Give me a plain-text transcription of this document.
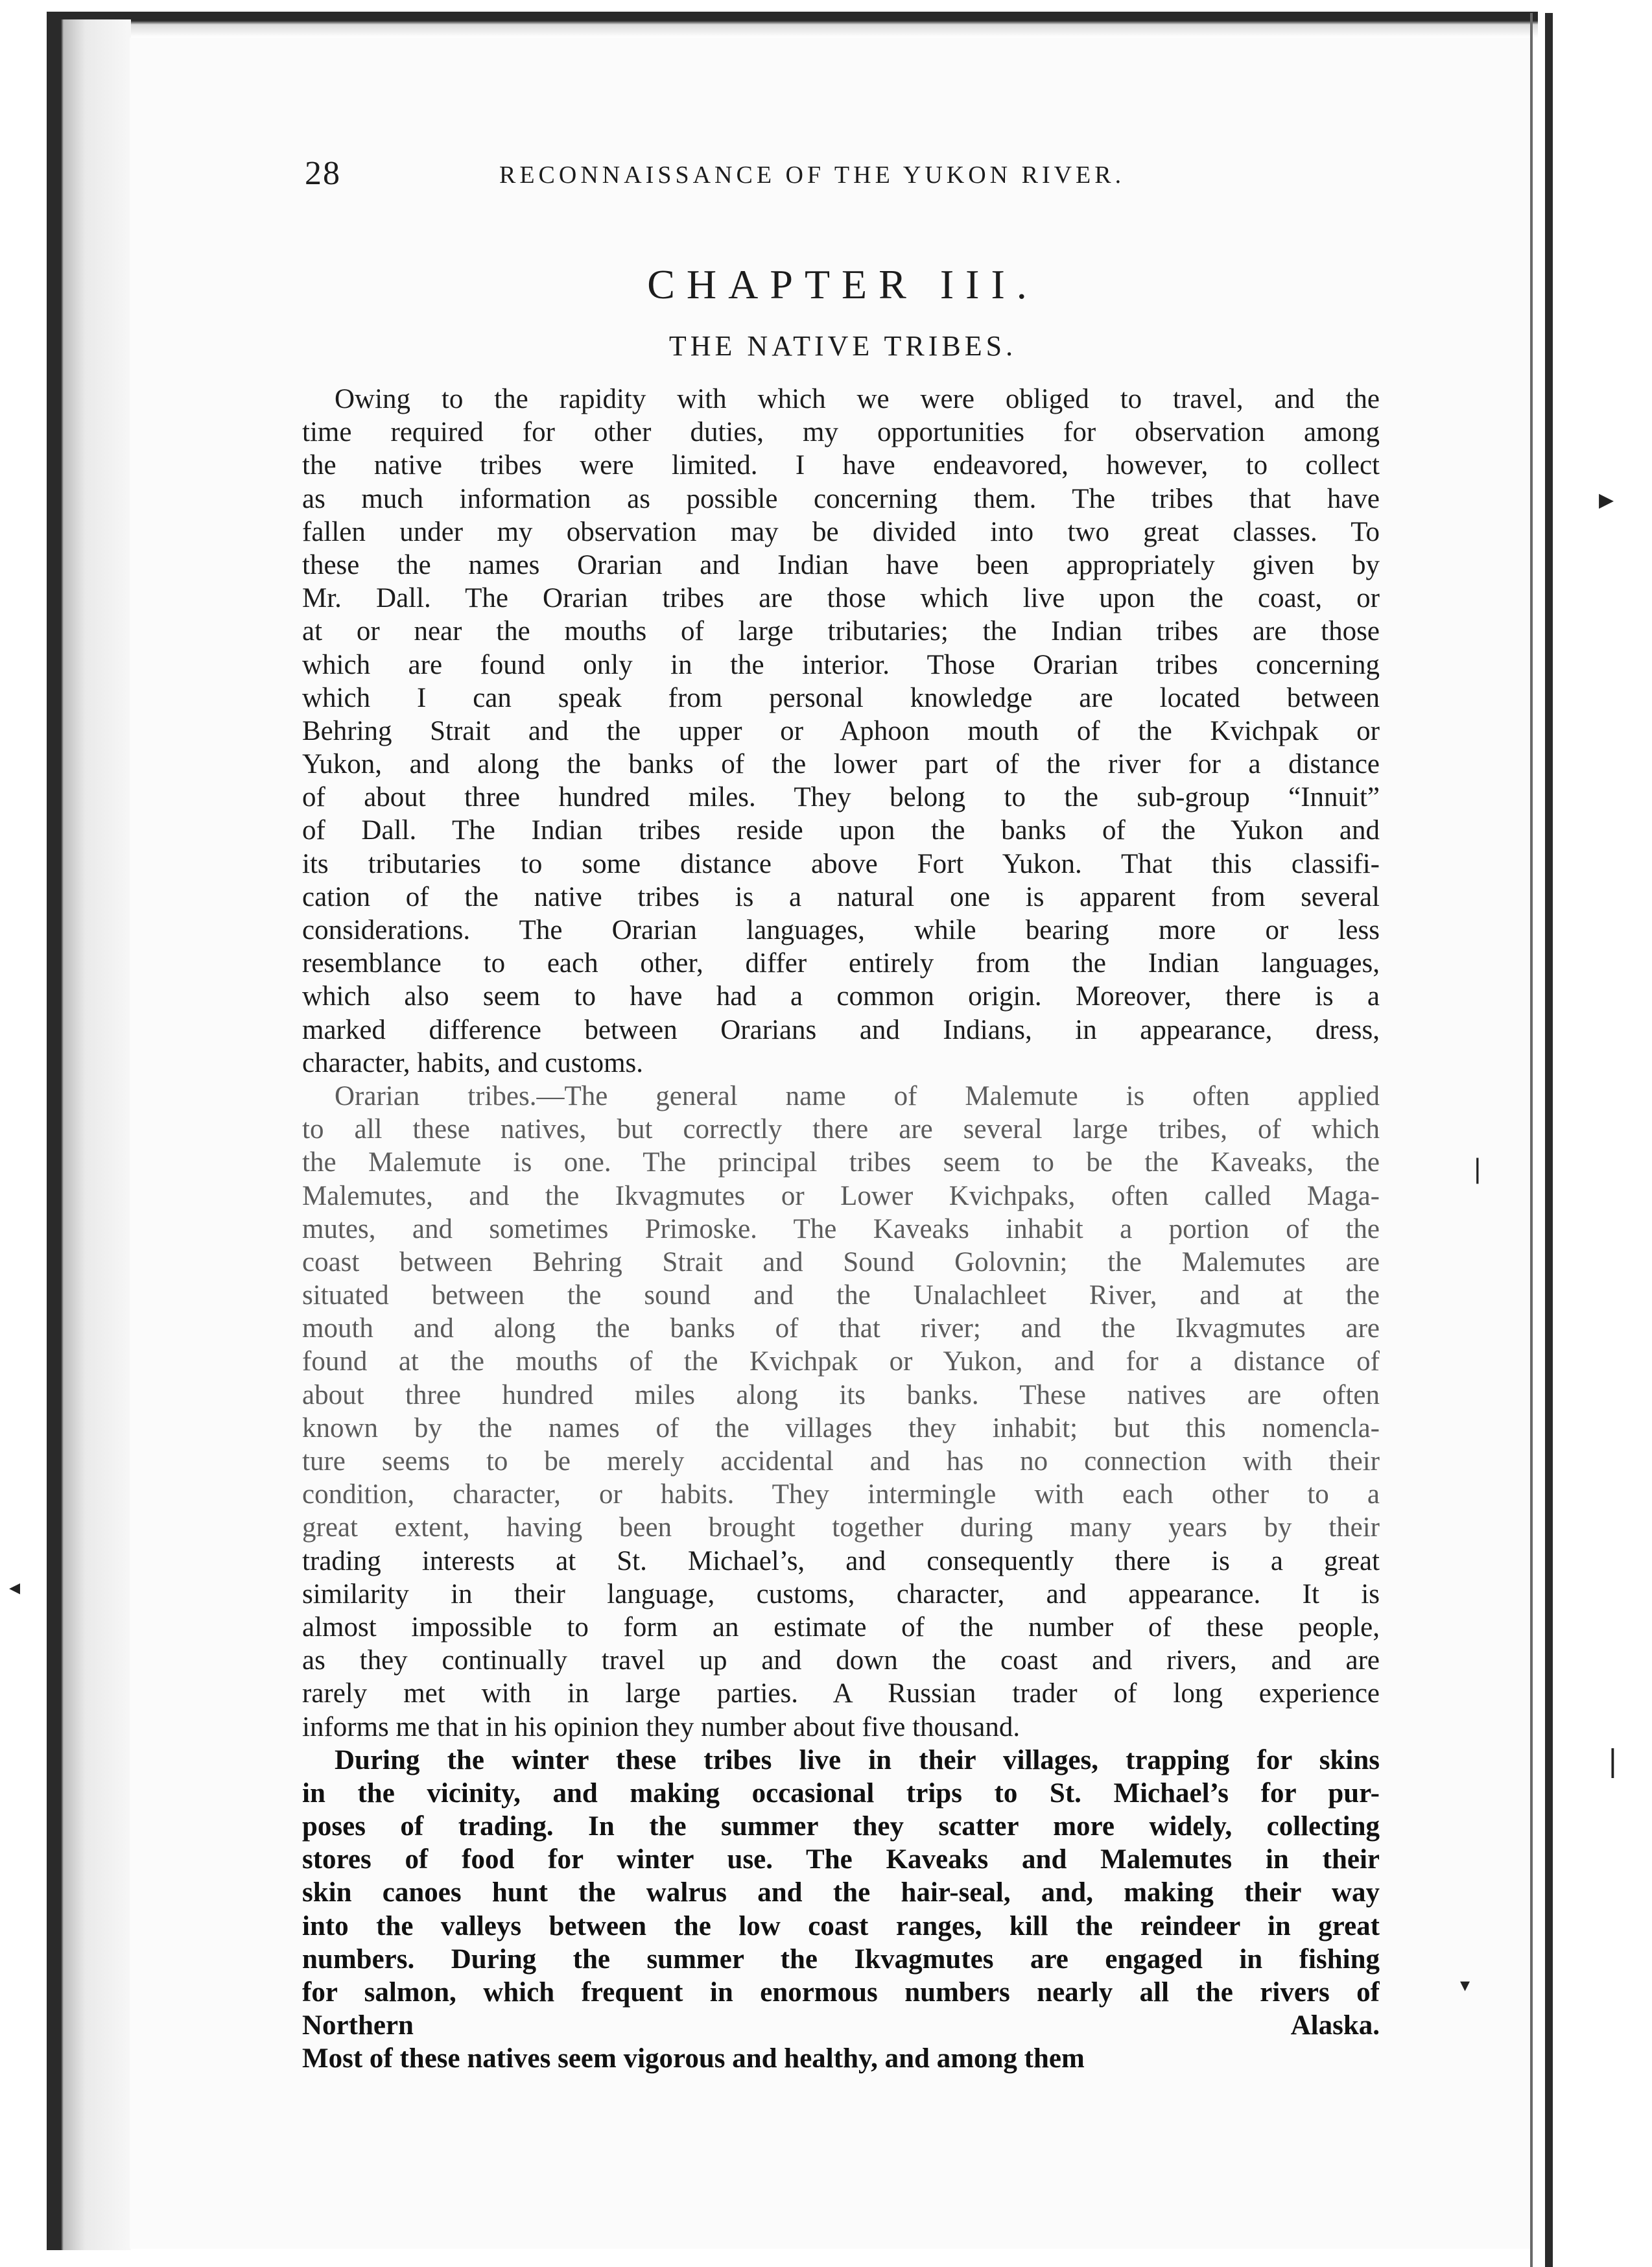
▸
❘
❘
▾
◂
28	RECONNAISSANCE OF THE YUKON RIVER.
CHAPTER III.
THE NATIVE TRIBES.
Owing to the rapidity with which we were obliged to travel, and the
time required for other duties, my opportunities for observation among
the native tribes were limited. I have endeavored, however, to collect
as much information as possible concerning them. The tribes that have
fallen under my observation may be divided into two great classes. To
these the names Orarian and Indian have been appropriately given by
Mr. Dall. The Orarian tribes are those which live upon the coast, or
at or near the mouths of large tributaries; the Indian tribes are those
which are found only in the interior. Those Orarian tribes concerning
which I can speak from personal knowledge are located between
Behring Strait and the upper or Aphoon mouth of the Kvichpak or
Yukon, and along the banks of the lower part of the river for a distance
of about three hundred miles. They belong to the sub-group “Innuit”
of Dall. The Indian tribes reside upon the banks of the Yukon and
its tributaries to some distance above Fort Yukon. That this classifi-
cation of the native tribes is a natural one is apparent from several
considerations. The Orarian languages, while bearing more or less
resemblance to each other, differ entirely from the Indian languages,
which also seem to have had a common origin. Moreover, there is a
marked difference between Orarians and Indians, in appearance, dress,
character, habits, and customs.
Orarian tribes.—The general name of Malemute is often applied
to all these natives, but correctly there are several large tribes, of which
the Malemute is one. The principal tribes seem to be the Kaveaks, the
Malemutes, and the Ikvagmutes or Lower Kvichpaks, often called Maga-
mutes, and sometimes Primoske. The Kaveaks inhabit a portion of the
coast between Behring Strait and Sound Golovnin; the Malemutes are
situated between the sound and the Unalachleet River, and at the
mouth and along the banks of that river; and the Ikvagmutes are
found at the mouths of the Kvichpak or Yukon, and for a distance of
about three hundred miles along its banks. These natives are often
known by the names of the villages they inhabit; but this nomencla-
ture seems to be merely accidental and has no connection with their
condition, character, or habits. They intermingle with each other to a
great extent, having been brought together during many years by their
trading interests at St. Michael’s, and consequently there is a great
similarity in their language, customs, character, and appearance. It is
almost impossible to form an estimate of the number of these people,
as they continually travel up and down the coast and rivers, and are
rarely met with in large parties. A Russian trader of long experience
informs me that in his opinion they number about five thousand.
During the winter these tribes live in their villages, trapping for skins
in the vicinity, and making occasional trips to St. Michael’s for pur-
poses of trading. In the summer they scatter more widely, collecting
stores of food for winter use. The Kaveaks and Malemutes in their
skin canoes hunt the walrus and the hair-seal, and, making their way
into the valleys between the low coast ranges, kill the reindeer in great
numbers. During the summer the Ikvagmutes are engaged in fishing
for salmon, which frequent in enormous numbers nearly all the rivers of
Northern Alaska.
Most of these natives seem vigorous and healthy, and among them
